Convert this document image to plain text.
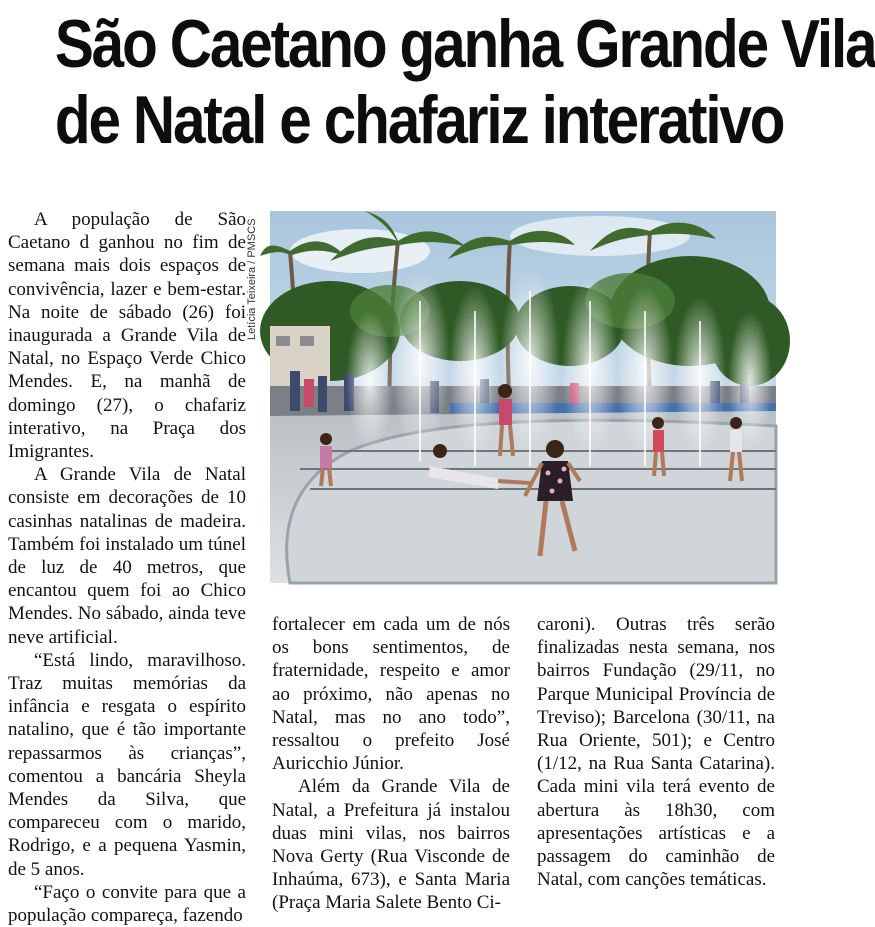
São Caetano ganha Grande Vila
de Natal e chafariz interativo

A população de São Caetano d ganhou no fim de semana mais dois espaços de convivência, lazer e bem-estar. Na noite de sábado (26) foi inaugurada a Grande Vila de Natal, no Espaço Verde Chico Mendes. E, na manhã de domingo (27), o chafariz interativo, na Praça dos Imigrantes.

A Grande Vila de Natal consiste em decorações de 10 casinhas natalinas de madeira. Também foi instalado um túnel de luz de 40 metros, que encantou quem foi ao Chico Mendes. No sábado, ainda teve neve artificial.

“Está lindo, maravilhoso. Traz muitas memórias da infância e resgata o espírito natalino, que é tão importante repassarmos às crianças”, comentou a bancária Sheyla Mendes da Silva, que compareceu com o marido, Rodrigo, e a pequena Yasmin, de 5 anos.

“Faço o convite para que a população compareça, fazendo

Letícia Teixeira / PMSCS

fortalecer em cada um de nós os bons sentimentos, de fraternidade, respeito e amor ao próximo, não apenas no Natal, mas no ano todo”, ressaltou o prefeito José Auricchio Júnior.

Além da Grande Vila de Natal, a Prefeitura já instalou duas mini vilas, nos bairros Nova Gerty (Rua Visconde de Inhaúma, 673), e Santa Maria (Praça Maria Salete Bento Ci-

caroni). Outras três serão finalizadas nesta semana, nos bairros Fundação (29/11, no Parque Municipal Província de Treviso); Barcelona (30/11, na Rua Oriente, 501); e Centro (1/12, na Rua Santa Catarina). Cada mini vila terá evento de abertura às 18h30, com apresentações artísticas e a passagem do caminhão de Natal, com canções temáticas.
